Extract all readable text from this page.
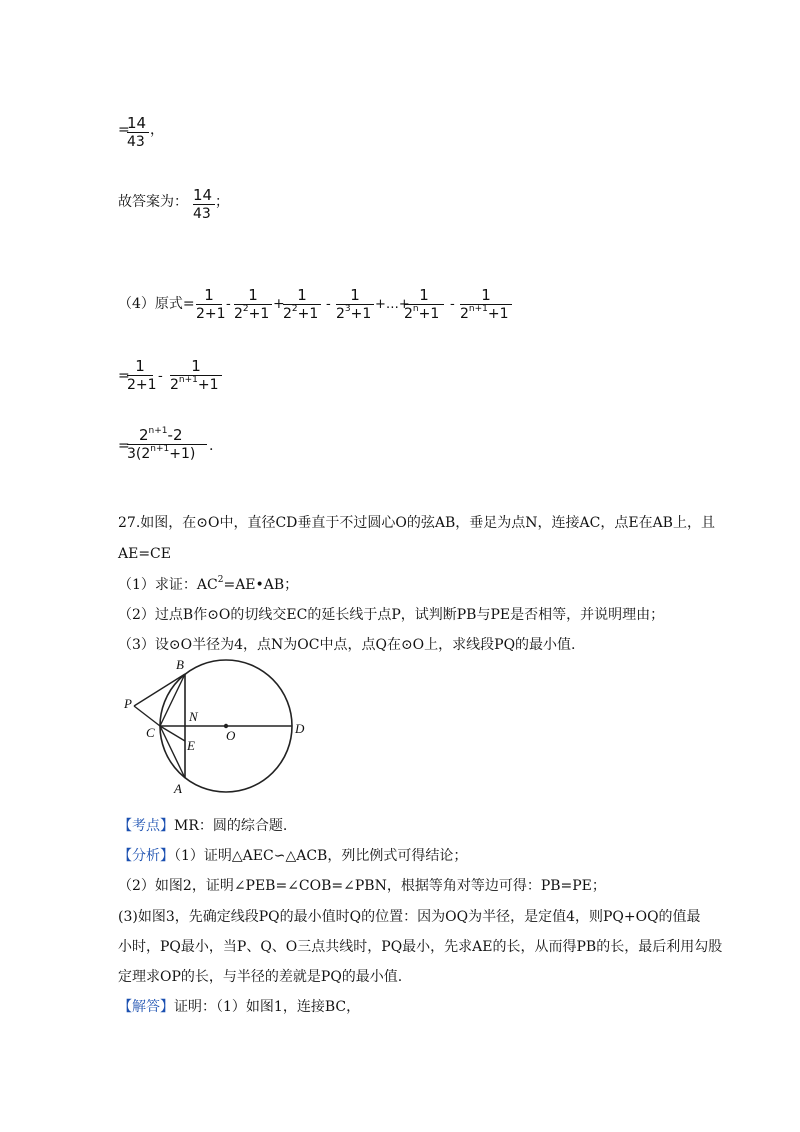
=
14
43
，
故答案为： 14
43
；
（4）原式= 1
2+1
-	1
$2^2+1$
+ 1
$2^2+1$
-	1
$2^3+1$
+…+
1
$2^n+1$
-	1
$2^{n+1}+1$
=
1
2+1
-
1
$2^{n+1}+1$
=
$2^{n+1}-2$
$3(2^{n+1}+1)$ .
27.如图，在⊙O中，直径CD垂直于不过圆心O的弦AB，垂足为点N，连接AC，点E在AB上，且
AE=CE
（1）求证：$AC^2=AE•AB$；
（2）过点B作⊙O的切线交EC的延长线于点P，试判断PB与PE是否相等，并说明理由；
（3）设⊙O半径为4，点N为OC中点，点Q在⊙O上，求线段PQ的最小值.
B
P
N
C	O	D
E
A
【考点】MR：圆的综合题.
【分析】（1）证明△AEC∽△ACB，列比例式可得结论；
（2）如图2，证明∠PEB=∠COB=∠PBN，根据等角对等边可得：PB=PE；
(3)如图3，先确定线段PQ的最小值时Q的位置：因为OQ为半径，是定值4，则PQ+OQ的值最
小时，PQ最小，当P、Q、O三点共线时，PQ最小，先求AE的长，从而得PB的长，最后利用勾股
定理求OP的长，与半径的差就是PQ的最小值.
【解答】证明：（1）如图1，连接BC，
